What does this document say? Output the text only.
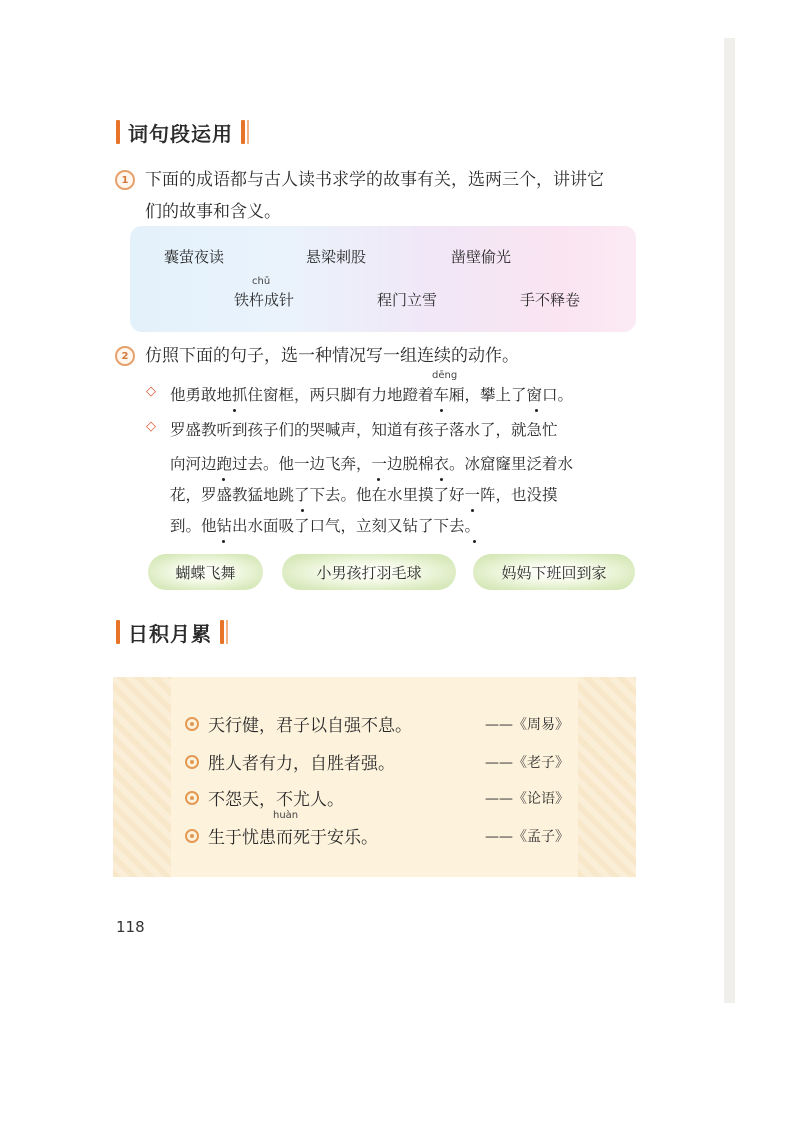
词句段运用
1 下面的成语都与古人读书求学的故事有关，选两三个，讲讲它
们的故事和含义。
囊萤夜读	悬梁刺股	凿壁偷光
chǔ
铁杵成针	程门立雪	手不释卷
2 仿照下面的句子，选一种情况写一组连续的动作。
◇
dēng
他勇敢地抓住窗框，两只脚有力地蹬着车厢，攀上了窗口。
◇ 罗盛教听到孩子们的哭喊声，知道有孩子落水了，就急忙
向河边跑过去。他一边飞奔，一边脱棉衣。冰窟窿里泛着水
花，罗盛教猛地跳了下去。他在水里摸了好一阵，也没摸
到。他钻出水面吸了口气，立刻又钻了下去。
蝴蝶飞舞	小男孩打羽毛球	妈妈下班回到家
日积月累
天行健，君子以自强不息。	——《周易》
胜人者有力，自胜者强。	——《老子》
不怨天，不尤人。	——《论语》
huàn
生于忧患而死于安乐。	——《孟子》
118
